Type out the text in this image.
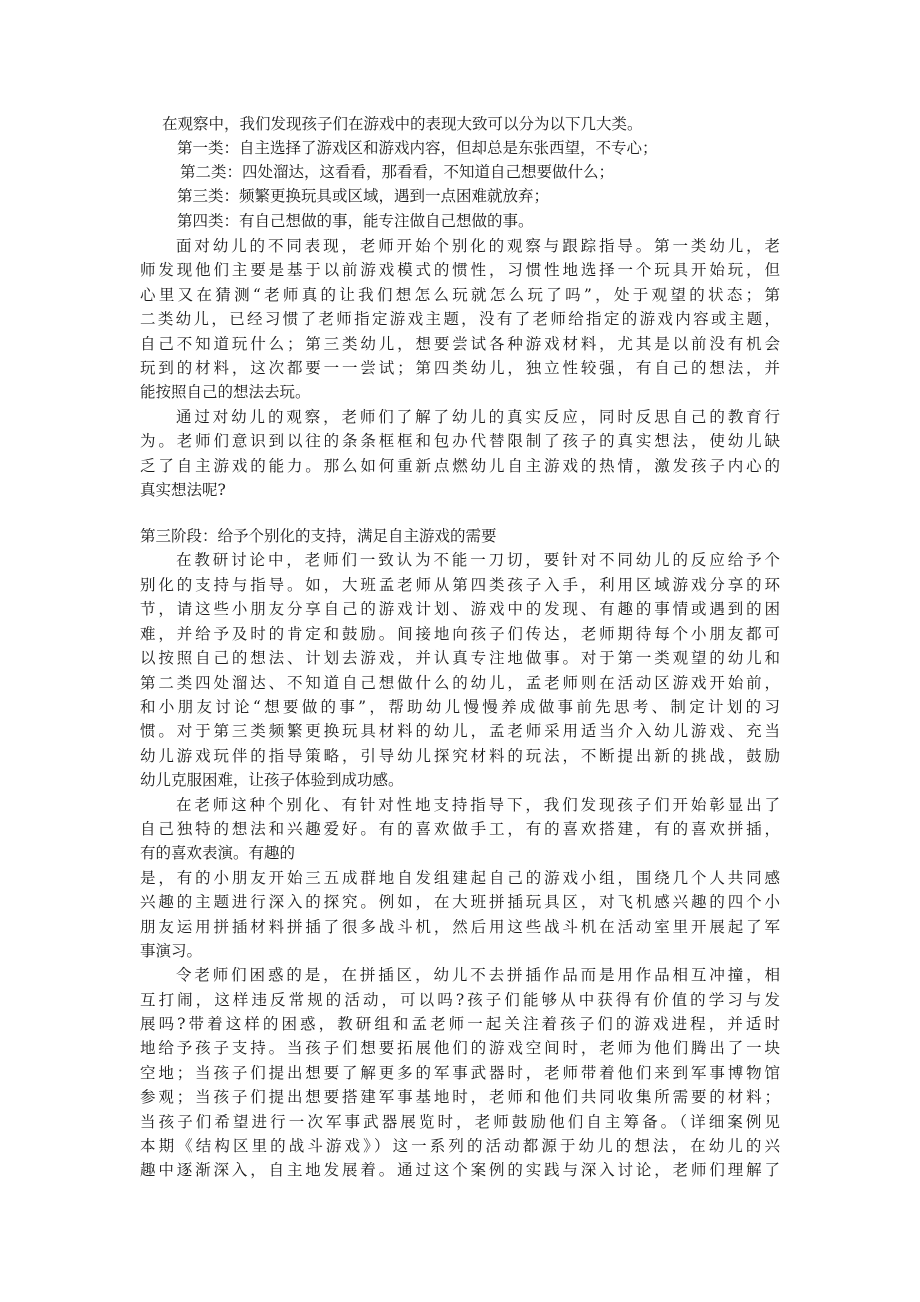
在观察中，我们发现孩子们在游戏中的表现大致可以分为以下几大类。
第一类：自主选择了游戏区和游戏内容，但却总是东张西望，不专心；
第二类：四处溜达，这看看，那看看，不知道自己想要做什么；
第三类：频繁更换玩具或区域，遇到一点困难就放弃；
第四类：有自己想做的事，能专注做自己想做的事。
面对幼儿的不同表现，老师开始个别化的观察与跟踪指导。第一类幼儿，老
师发现他们主要是基于以前游戏模式的惯性，习惯性地选择一个玩具开始玩，但
心里又在猜测“老师真的让我们想怎么玩就怎么玩了吗”，处于观望的状态；第
二类幼儿，已经习惯了老师指定游戏主题，没有了老师给指定的游戏内容或主题，
自己不知道玩什么；第三类幼儿，想要尝试各种游戏材料，尤其是以前没有机会
玩到的材料，这次都要一一尝试；第四类幼儿，独立性较强，有自己的想法，并
能按照自己的想法去玩。
通过对幼儿的观察，老师们了解了幼儿的真实反应，同时反思自己的教育行
为。老师们意识到以往的条条框框和包办代替限制了孩子的真实想法，使幼儿缺
乏了自主游戏的能力。那么如何重新点燃幼儿自主游戏的热情，激发孩子内心的
真实想法呢?
第三阶段：给予个别化的支持，满足自主游戏的需要
在教研讨论中，老师们一致认为不能一刀切，要针对不同幼儿的反应给予个
别化的支持与指导。如，大班孟老师从第四类孩子入手，利用区域游戏分享的环
节，请这些小朋友分享自己的游戏计划、游戏中的发现、有趣的事情或遇到的困
难，并给予及时的肯定和鼓励。间接地向孩子们传达，老师期待每个小朋友都可
以按照自己的想法、计划去游戏，并认真专注地做事。对于第一类观望的幼儿和
第二类四处溜达、不知道自己想做什么的幼儿，孟老师则在活动区游戏开始前，
和小朋友讨论“想要做的事”，帮助幼儿慢慢养成做事前先思考、制定计划的习
惯。对于第三类频繁更换玩具材料的幼儿，孟老师采用适当介入幼儿游戏、充当
幼儿游戏玩伴的指导策略，引导幼儿探究材料的玩法，不断提出新的挑战，鼓励
幼儿克服困难，让孩子体验到成功感。
在老师这种个别化、有针对性地支持指导下，我们发现孩子们开始彰显出了
自己独特的想法和兴趣爱好。有的喜欢做手工，有的喜欢搭建，有的喜欢拼插，
有的喜欢表演。有趣的
是，有的小朋友开始三五成群地自发组建起自己的游戏小组，围绕几个人共同感
兴趣的主题进行深入的探究。例如，在大班拼插玩具区，对飞机感兴趣的四个小
朋友运用拼插材料拼插了很多战斗机，然后用这些战斗机在活动室里开展起了军
事演习。
令老师们困惑的是，在拼插区，幼儿不去拼插作品而是用作品相互冲撞，相
互打闹，这样违反常规的活动，可以吗?孩子们能够从中获得有价值的学习与发
展吗?带着这样的困惑，教研组和孟老师一起关注着孩子们的游戏进程，并适时
地给予孩子支持。当孩子们想要拓展他们的游戏空间时，老师为他们腾出了一块
空地；当孩子们提出想要了解更多的军事武器时，老师带着他们来到军事博物馆
参观；当孩子们提出想要搭建军事基地时，老师和他们共同收集所需要的材料；
当孩子们希望进行一次军事武器展览时，老师鼓励他们自主筹备。（详细案例见
本期《结构区里的战斗游戏》）这一系列的活动都源于幼儿的想法，在幼儿的兴
趣中逐渐深入，自主地发展着。通过这个案例的实践与深入讨论，老师们理解了
